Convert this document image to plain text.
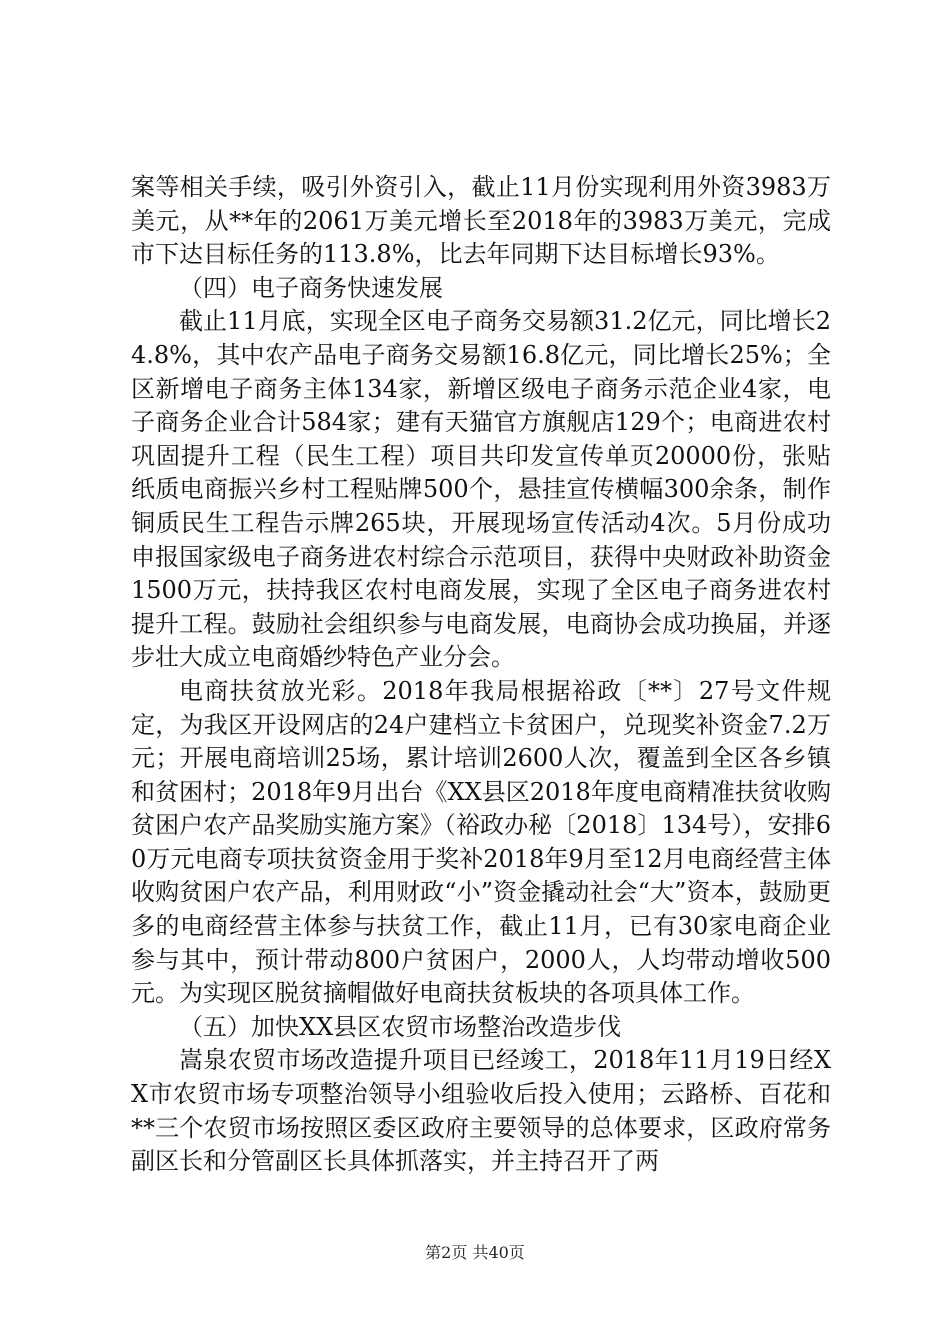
案等相关手续，吸引外资引入，截止11月份实现利用外资3983万美元，从**年的2061万美元增长至2018年的3983万美元，完成市下达目标任务的113.8%，比去年同期下达目标增长93%。

（四）电子商务快速发展

截止11月底，实现全区电子商务交易额31.2亿元，同比增长24.8%，其中农产品电子商务交易额16.8亿元，同比增长25%；全区新增电子商务主体134家，新增区级电子商务示范企业4家，电子商务企业合计584家；建有天猫官方旗舰店129个；电商进农村巩固提升工程（民生工程）项目共印发宣传单页20000份，张贴纸质电商振兴乡村工程贴牌500个，悬挂宣传横幅300余条，制作铜质民生工程告示牌265块，开展现场宣传活动4次。5月份成功申报国家级电子商务进农村综合示范项目，获得中央财政补助资金1500万元，扶持我区农村电商发展，实现了全区电子商务进农村提升工程。鼓励社会组织参与电商发展，电商协会成功换届，并逐步壮大成立电商婚纱特色产业分会。

电商扶贫放光彩。2018年我局根据裕政〔**〕27号文件规定，为我区开设网店的24户建档立卡贫困户，兑现奖补资金7.2万元；开展电商培训25场，累计培训2600人次，覆盖到全区各乡镇和贫困村；2018年9月出台《XX县区2018年度电商精准扶贫收购贫困户农产品奖励实施方案》（裕政办秘〔2018〕134号），安排60万元电商专项扶贫资金用于奖补2018年9月至12月电商经营主体收购贫困户农产品，利用财政“小”资金撬动社会“大”资本，鼓励更多的电商经营主体参与扶贫工作，截止11月，已有30家电商企业参与其中，预计带动800户贫困户，2000人，人均带动增收500元。为实现区脱贫摘帽做好电商扶贫板块的各项具体工作。

（五）加快XX县区农贸市场整治改造步伐

嵩泉农贸市场改造提升项目已经竣工，2018年11月19日经XX市农贸市场专项整治领导小组验收后投入使用；云路桥、百花和**三个农贸市场按照区委区政府主要领导的总体要求，区政府常务副区长和分管副区长具体抓落实，并主持召开了两

第2页 共40页
